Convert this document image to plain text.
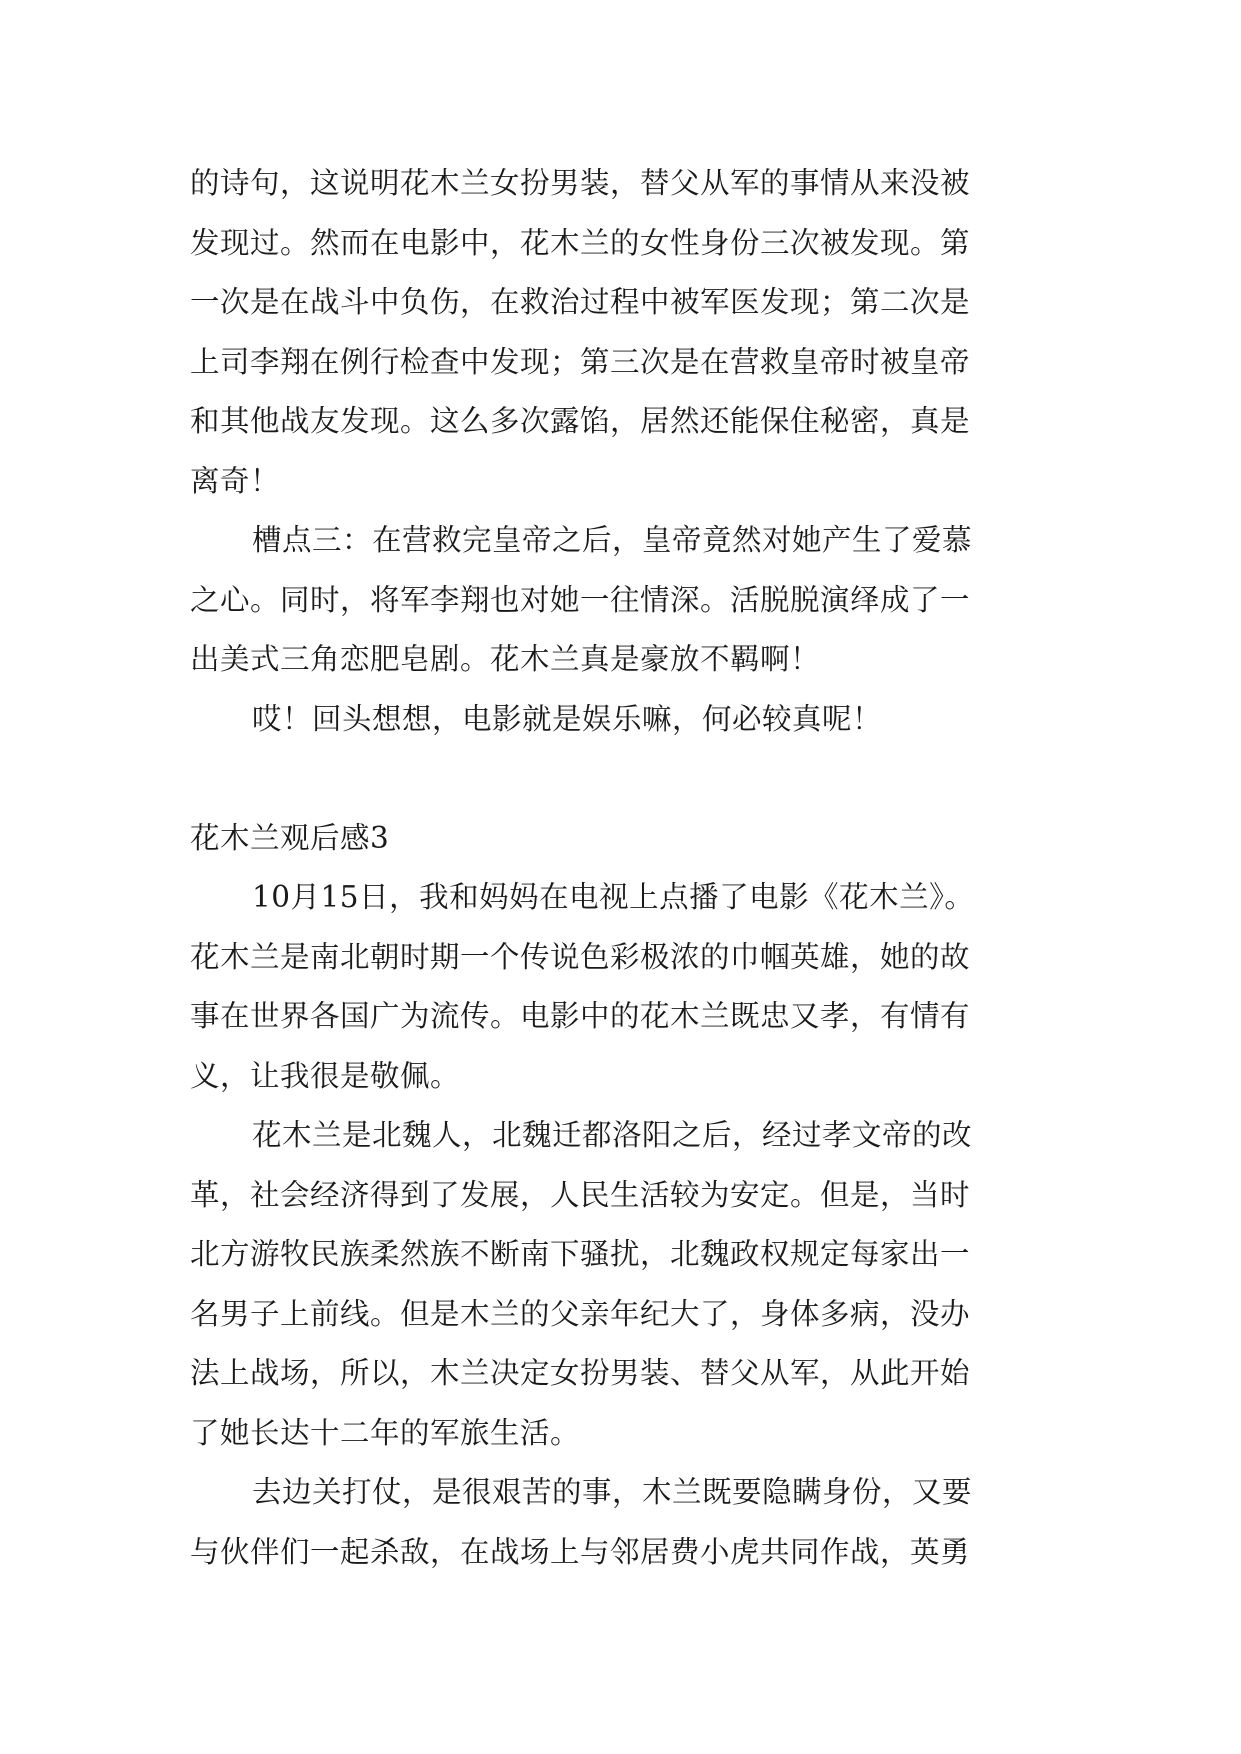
的诗句，这说明花木兰女扮男装，替父从军的事情从来没被
发现过。然而在电影中，花木兰的女性身份三次被发现。第
一次是在战斗中负伤，在救治过程中被军医发现；第二次是
上司李翔在例行检查中发现；第三次是在营救皇帝时被皇帝
和其他战友发现。这么多次露馅，居然还能保住秘密，真是
离奇！
槽点三：在营救完皇帝之后，皇帝竟然对她产生了爱慕
之心。同时，将军李翔也对她一往情深。活脱脱演绎成了一
出美式三角恋肥皂剧。花木兰真是豪放不羁啊！
哎！回头想想，电影就是娱乐嘛，何必较真呢！
花木兰观后感3
10月15日，我和妈妈在电视上点播了电影《花木兰》。
花木兰是南北朝时期一个传说色彩极浓的巾帼英雄，她的故
事在世界各国广为流传。电影中的花木兰既忠又孝，有情有
义，让我很是敬佩。
花木兰是北魏人，北魏迁都洛阳之后，经过孝文帝的改
革，社会经济得到了发展，人民生活较为安定。但是，当时
北方游牧民族柔然族不断南下骚扰，北魏政权规定每家出一
名男子上前线。但是木兰的父亲年纪大了，身体多病，没办
法上战场，所以，木兰决定女扮男装、替父从军，从此开始
了她长达十二年的军旅生活。
去边关打仗，是很艰苦的事，木兰既要隐瞒身份，又要
与伙伴们一起杀敌，在战场上与邻居费小虎共同作战，英勇
